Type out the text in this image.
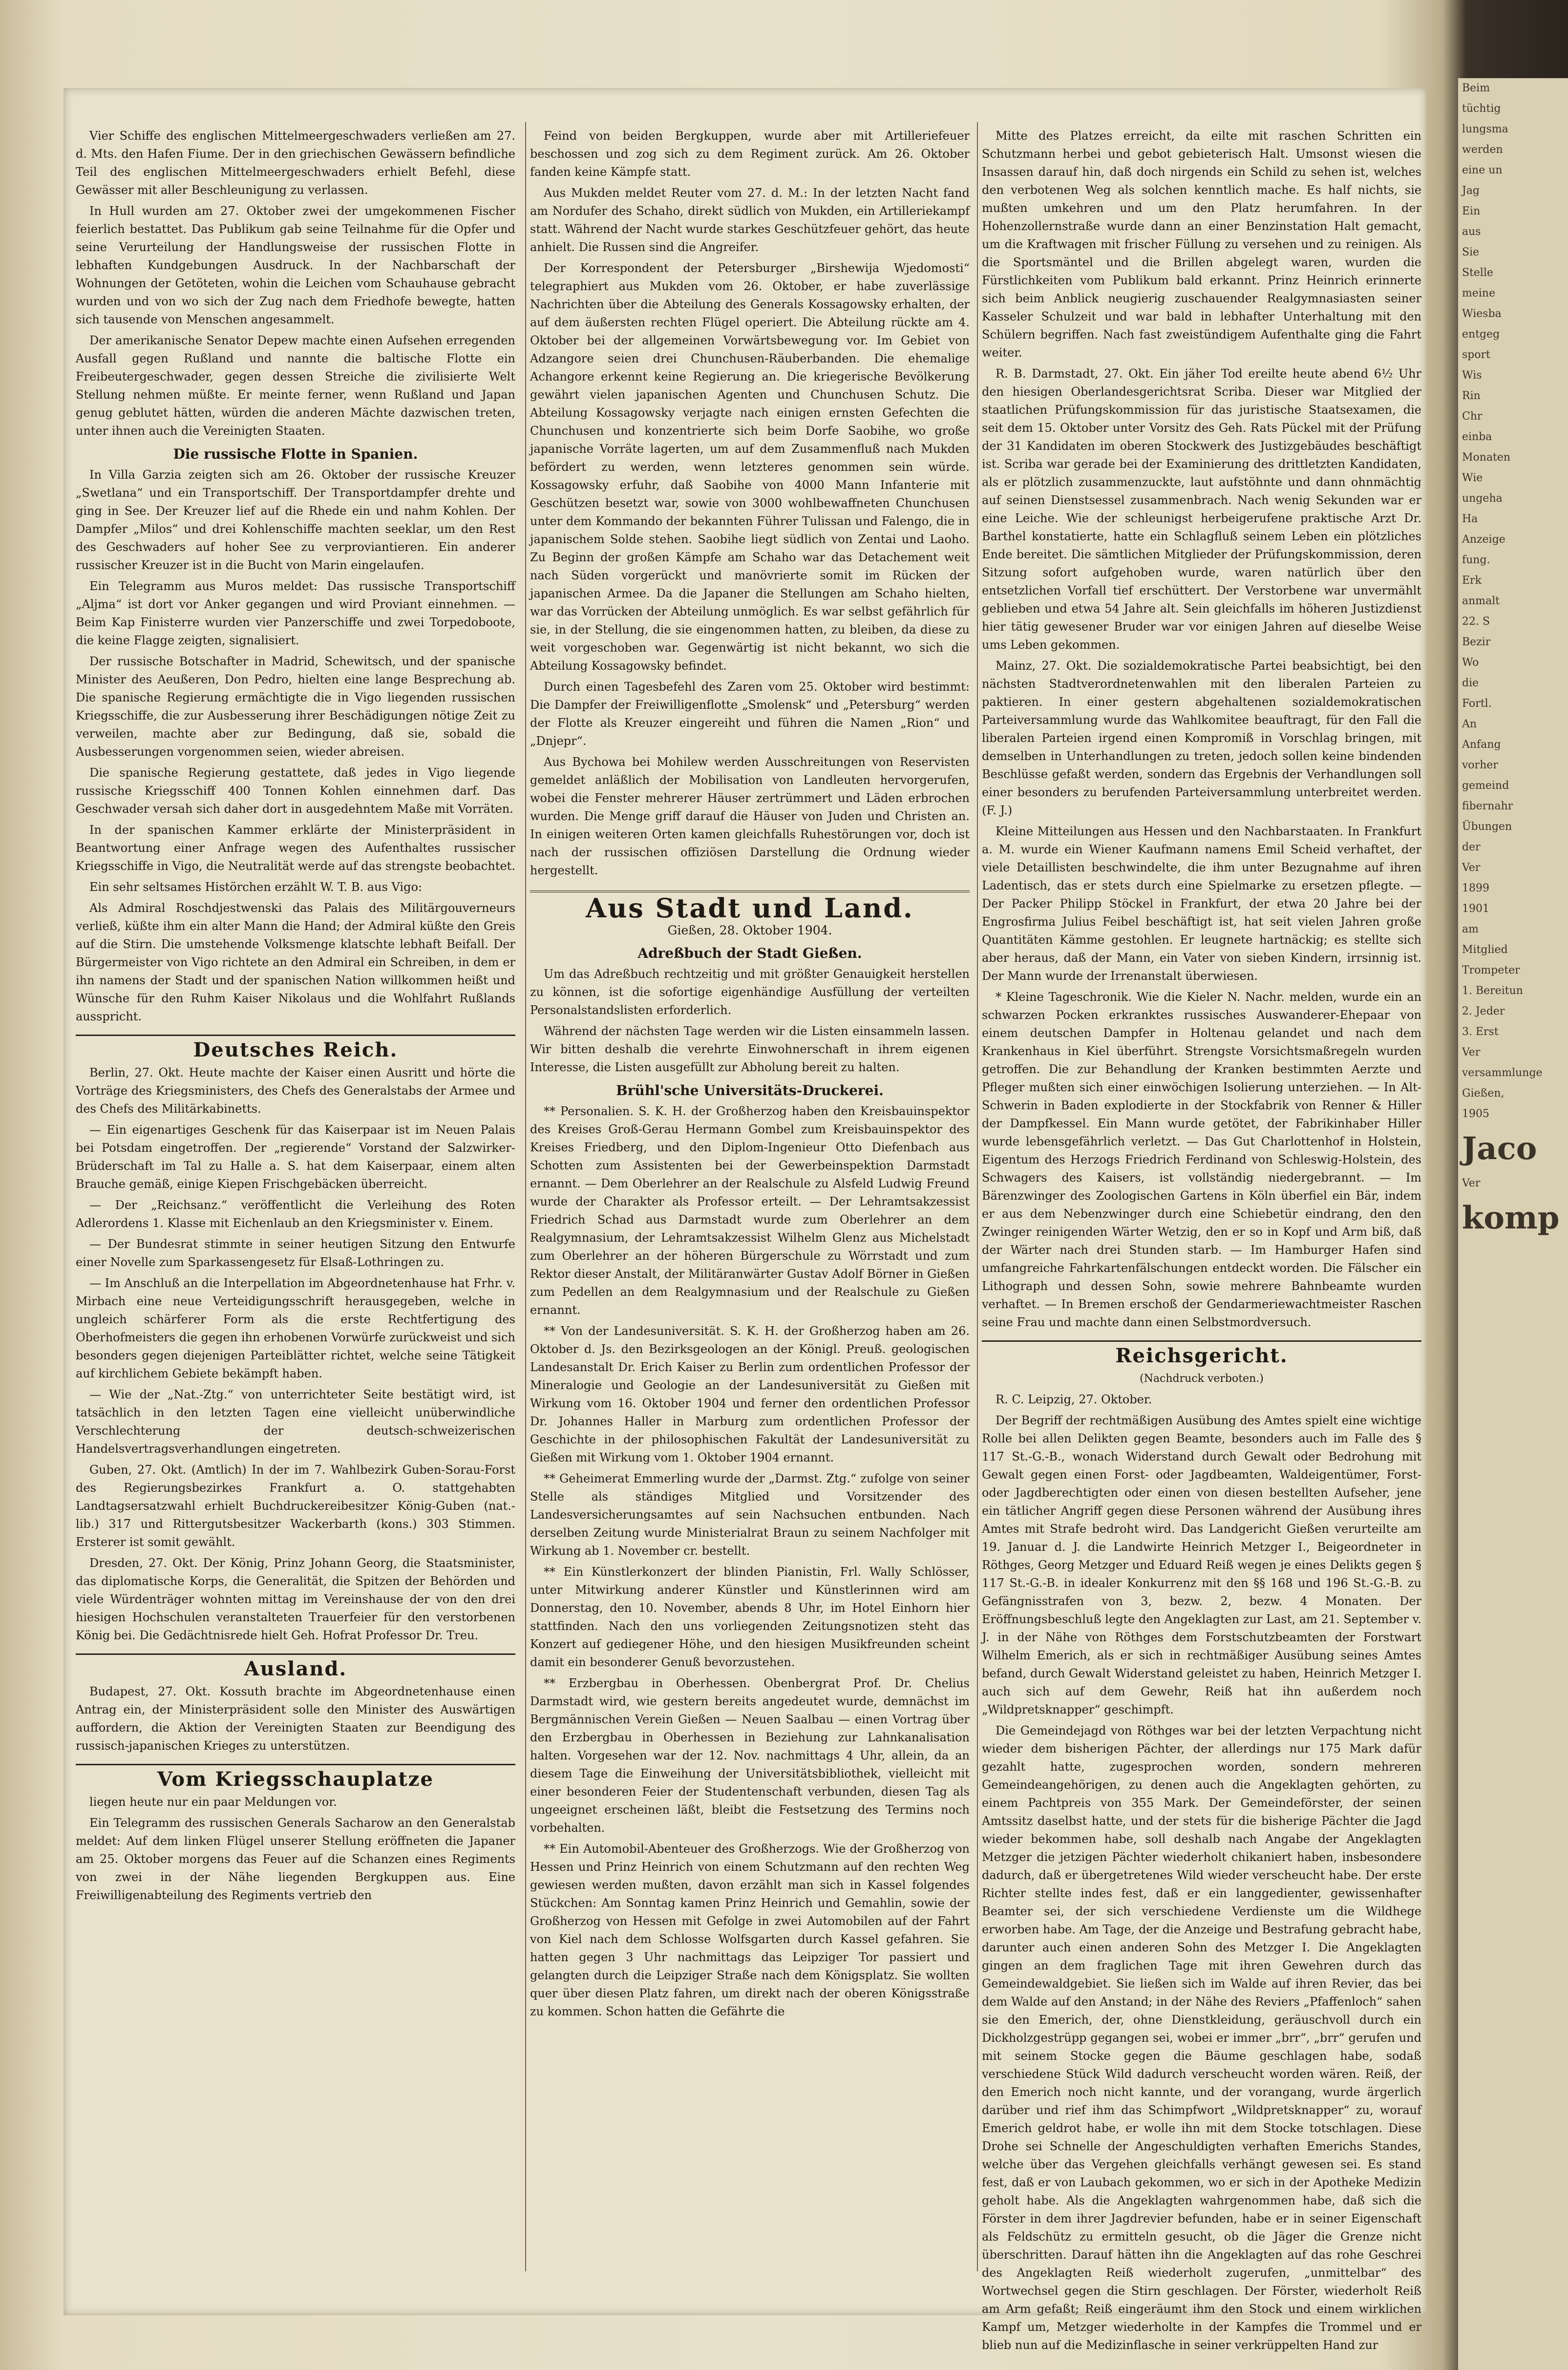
Vier Schiffe des englischen Mittelmeergeschwaders verließen am 27. d. Mts. den Hafen Fiume. Der in den griechischen Gewässern befindliche Teil des englischen Mittelmeergeschwaders erhielt Befehl, diese Gewässer mit aller Beschleunigung zu verlassen.

In Hull wurden am 27. Oktober zwei der umgekommenen Fischer feierlich bestattet. Das Publikum gab seine Teilnahme für die Opfer und seine Verurteilung der Handlungsweise der russischen Flotte in lebhaften Kundgebungen Ausdruck. In der Nachbarschaft der Wohnungen der Getöteten, wohin die Leichen vom Schauhause gebracht wurden und von wo sich der Zug nach dem Friedhofe bewegte, hatten sich tausende von Menschen angesammelt.

Der amerikanische Senator Depew machte einen Aufsehen erregenden Ausfall gegen Rußland und nannte die baltische Flotte ein Freibeutergeschwader, gegen dessen Streiche die zivilisierte Welt Stellung nehmen müßte. Er meinte ferner, wenn Rußland und Japan genug geblutet hätten, würden die anderen Mächte dazwischen treten, unter ihnen auch die Vereinigten Staaten.

Die russische Flotte in Spanien.

In Villa Garzia zeigten sich am 26. Oktober der russische Kreuzer „Swetlana“ und ein Transportschiff. Der Transportdampfer drehte und ging in See. Der Kreuzer lief auf die Rhede ein und nahm Kohlen. Der Dampfer „Milos“ und drei Kohlenschiffe machten seeklar, um den Rest des Geschwaders auf hoher See zu verproviantieren. Ein anderer russischer Kreuzer ist in die Bucht von Marin eingelaufen.

Ein Telegramm aus Muros meldet: Das russische Transportschiff „Aljma“ ist dort vor Anker gegangen und wird Proviant einnehmen. — Beim Kap Finisterre wurden vier Panzerschiffe und zwei Torpedoboote, die keine Flagge zeigten, signalisiert.

Der russische Botschafter in Madrid, Schewitsch, und der spanische Minister des Aeußeren, Don Pedro, hielten eine lange Besprechung ab. Die spanische Regierung ermächtigte die in Vigo liegenden russischen Kriegsschiffe, die zur Ausbesserung ihrer Beschädigungen nötige Zeit zu verweilen, machte aber zur Bedingung, daß sie, sobald die Ausbesserungen vorgenommen seien, wieder abreisen.

Die spanische Regierung gestattete, daß jedes in Vigo liegende russische Kriegsschiff 400 Tonnen Kohlen einnehmen darf. Das Geschwader versah sich daher dort in ausgedehntem Maße mit Vorräten.

In der spanischen Kammer erklärte der Ministerpräsident in Beantwortung einer Anfrage wegen des Aufenthaltes russischer Kriegsschiffe in Vigo, die Neutralität werde auf das strengste beobachtet.

Ein sehr seltsames Histörchen erzählt W. T. B. aus Vigo:

Als Admiral Roschdjestwenski das Palais des Militärgouverneurs verließ, küßte ihm ein alter Mann die Hand; der Admiral küßte den Greis auf die Stirn. Die umstehende Volksmenge klatschte lebhaft Beifall. Der Bürgermeister von Vigo richtete an den Admiral ein Schreiben, in dem er ihn namens der Stadt und der spanischen Nation willkommen heißt und Wünsche für den Ruhm Kaiser Nikolaus und die Wohlfahrt Rußlands ausspricht.

Deutsches Reich.

Berlin, 27. Okt. Heute machte der Kaiser einen Ausritt und hörte die Vorträge des Kriegsministers, des Chefs des Generalstabs der Armee und des Chefs des Militärkabinetts.

— Ein eigenartiges Geschenk für das Kaiserpaar ist im Neuen Palais bei Potsdam eingetroffen. Der „regierende“ Vorstand der Salzwirker-Brüderschaft im Tal zu Halle a. S. hat dem Kaiserpaar, einem alten Brauche gemäß, einige Kiepen Frischgebäcken überreicht.

— Der „Reichsanz.“ veröffentlicht die Verleihung des Roten Adlerordens 1. Klasse mit Eichenlaub an den Kriegsminister v. Einem.

— Der Bundesrat stimmte in seiner heutigen Sitzung den Entwurfe einer Novelle zum Sparkassengesetz für Elsaß-Lothringen zu.

— Im Anschluß an die Interpellation im Abgeordnetenhause hat Frhr. v. Mirbach eine neue Verteidigungsschrift herausgegeben, welche in ungleich schärferer Form als die erste Rechtfertigung des Oberhofmeisters die gegen ihn erhobenen Vorwürfe zurückweist und sich besonders gegen diejenigen Parteiblätter richtet, welche seine Tätigkeit auf kirchlichem Gebiete bekämpft haben.

— Wie der „Nat.-Ztg.“ von unterrichteter Seite bestätigt wird, ist tatsächlich in den letzten Tagen eine vielleicht unüberwindliche Verschlechterung der deutsch-schweizerischen Handelsvertragsverhandlungen eingetreten.

Guben, 27. Okt. (Amtlich) In der im 7. Wahlbezirk Guben-Sorau-Forst des Regierungsbezirkes Frankfurt a. O. stattgehabten Landtagsersatzwahl erhielt Buchdruckereibesitzer König-Guben (nat.-lib.) 317 und Rittergutsbesitzer Wackerbarth (kons.) 303 Stimmen. Ersterer ist somit gewählt.

Dresden, 27. Okt. Der König, Prinz Johann Georg, die Staatsminister, das diplomatische Korps, die Generalität, die Spitzen der Behörden und viele Würdenträger wohnten mittag im Vereinshause der von den drei hiesigen Hochschulen veranstalteten Trauerfeier für den verstorbenen König bei. Die Gedächtnisrede hielt Geh. Hofrat Professor Dr. Treu.

Ausland.

Budapest, 27. Okt. Kossuth brachte im Abgeordnetenhause einen Antrag ein, der Ministerpräsident solle den Minister des Auswärtigen auffordern, die Aktion der Vereinigten Staaten zur Beendigung des russisch-japanischen Krieges zu unterstützen.

Vom Kriegsschauplatze

liegen heute nur ein paar Meldungen vor.

Ein Telegramm des russischen Generals Sacharow an den Generalstab meldet: Auf dem linken Flügel unserer Stellung eröffneten die Japaner am 25. Oktober morgens das Feuer auf die Schanzen eines Regiments von zwei in der Nähe liegenden Bergkuppen aus. Eine Freiwilligenabteilung des Regiments vertrieb den

Feind von beiden Bergkuppen, wurde aber mit Artilleriefeuer beschossen und zog sich zu dem Regiment zurück. Am 26. Oktober fanden keine Kämpfe statt.

Aus Mukden meldet Reuter vom 27. d. M.: In der letzten Nacht fand am Nordufer des Schaho, direkt südlich von Mukden, ein Artilleriekampf statt. Während der Nacht wurde starkes Geschützfeuer gehört, das heute anhielt. Die Russen sind die Angreifer.

Der Korrespondent der Petersburger „Birshewija Wjedomosti“ telegraphiert aus Mukden vom 26. Oktober, er habe zuverlässige Nachrichten über die Abteilung des Generals Kossagowsky erhalten, der auf dem äußersten rechten Flügel operiert. Die Abteilung rückte am 4. Oktober bei der allgemeinen Vorwärtsbewegung vor. Im Gebiet von Adzangore seien drei Chunchusen-Räuberbanden. Die ehemalige Achangore erkennt keine Regierung an. Die kriegerische Bevölkerung gewährt vielen japanischen Agenten und Chunchusen Schutz. Die Abteilung Kossagowsky verjagte nach einigen ernsten Gefechten die Chunchusen und konzentrierte sich beim Dorfe Saobihe, wo große japanische Vorräte lagerten, um auf dem Zusammenfluß nach Mukden befördert zu werden, wenn letzteres genommen sein würde. Kossagowsky erfuhr, daß Saobihe von 4000 Mann Infanterie mit Geschützen besetzt war, sowie von 3000 wohlbewaffneten Chunchusen unter dem Kommando der bekannten Führer Tulissan und Falengo, die in japanischem Solde stehen. Saobihe liegt südlich von Zentai und Laoho. Zu Beginn der großen Kämpfe am Schaho war das Detachement weit nach Süden vorgerückt und manövrierte somit im Rücken der japanischen Armee. Da die Japaner die Stellungen am Schaho hielten, war das Vorrücken der Abteilung unmöglich. Es war selbst gefährlich für sie, in der Stellung, die sie eingenommen hatten, zu bleiben, da diese zu weit vorgeschoben war. Gegenwärtig ist nicht bekannt, wo sich die Abteilung Kossagowsky befindet.

Durch einen Tagesbefehl des Zaren vom 25. Oktober wird bestimmt: Die Dampfer der Freiwilligenflotte „Smolensk“ und „Petersburg“ werden der Flotte als Kreuzer eingereiht und führen die Namen „Rion“ und „Dnjepr“.

Aus Bychowa bei Mohilew werden Ausschreitungen von Reservisten gemeldet anläßlich der Mobilisation von Landleuten hervorgerufen, wobei die Fenster mehrerer Häuser zertrümmert und Läden erbrochen wurden. Die Menge griff darauf die Häuser von Juden und Christen an. In einigen weiteren Orten kamen gleichfalls Ruhestörungen vor, doch ist nach der russischen offiziösen Darstellung die Ordnung wieder hergestellt.

Aus Stadt und Land.
Gießen, 28. Oktober 1904.
Adreßbuch der Stadt Gießen.

Um das Adreßbuch rechtzeitig und mit größter Genauigkeit herstellen zu können, ist die sofortige eigenhändige Ausfüllung der verteilten Personalstandslisten erforderlich.

Während der nächsten Tage werden wir die Listen einsammeln lassen. Wir bitten deshalb die verehrte Einwohnerschaft in ihrem eigenen Interesse, die Listen ausgefüllt zur Abholung bereit zu halten.

Brühl'sche Universitäts-Druckerei.

** Personalien. S. K. H. der Großherzog haben den Kreisbauinspektor des Kreises Groß-Gerau Hermann Gombel zum Kreisbauinspektor des Kreises Friedberg, und den Diplom-Ingenieur Otto Diefenbach aus Schotten zum Assistenten bei der Gewerbeinspektion Darmstadt ernannt. — Dem Oberlehrer an der Realschule zu Alsfeld Ludwig Freund wurde der Charakter als Professor erteilt. — Der Lehramtsakzessist Friedrich Schad aus Darmstadt wurde zum Oberlehrer an dem Realgymnasium, der Lehramtsakzessist Wilhelm Glenz aus Michelstadt zum Oberlehrer an der höheren Bürgerschule zu Wörrstadt und zum Rektor dieser Anstalt, der Militäranwärter Gustav Adolf Börner in Gießen zum Pedellen an dem Realgymnasium und der Realschule zu Gießen ernannt.

** Von der Landesuniversität. S. K. H. der Großherzog haben am 26. Oktober d. Js. den Bezirksgeologen an der Königl. Preuß. geologischen Landesanstalt Dr. Erich Kaiser zu Berlin zum ordentlichen Professor der Mineralogie und Geologie an der Landesuniversität zu Gießen mit Wirkung vom 16. Oktober 1904 und ferner den ordentlichen Professor Dr. Johannes Haller in Marburg zum ordentlichen Professor der Geschichte in der philosophischen Fakultät der Landesuniversität zu Gießen mit Wirkung vom 1. Oktober 1904 ernannt.

** Geheimerat Emmerling wurde der „Darmst. Ztg.“ zufolge von seiner Stelle als ständiges Mitglied und Vorsitzender des Landesversicherungsamtes auf sein Nachsuchen entbunden. Nach derselben Zeitung wurde Ministerialrat Braun zu seinem Nachfolger mit Wirkung ab 1. November cr. bestellt.

** Ein Künstlerkonzert der blinden Pianistin, Frl. Wally Schlösser, unter Mitwirkung anderer Künstler und Künstlerinnen wird am Donnerstag, den 10. November, abends 8 Uhr, im Hotel Einhorn hier stattfinden. Nach den uns vorliegenden Zeitungsnotizen steht das Konzert auf gediegener Höhe, und den hiesigen Musikfreunden scheint damit ein besonderer Genuß bevorzustehen.

** Erzbergbau in Oberhessen. Obenbergrat Prof. Dr. Chelius Darmstadt wird, wie gestern bereits angedeutet wurde, demnächst im Bergmännischen Verein Gießen — Neuen Saalbau — einen Vortrag über den Erzbergbau in Oberhessen in Beziehung zur Lahnkanalisation halten. Vorgesehen war der 12. Nov. nachmittags 4 Uhr, allein, da an diesem Tage die Einweihung der Universitätsbibliothek, vielleicht mit einer besonderen Feier der Studentenschaft verbunden, diesen Tag als ungeeignet erscheinen läßt, bleibt die Festsetzung des Termins noch vorbehalten.

** Ein Automobil-Abenteuer des Großherzogs. Wie der Großherzog von Hessen und Prinz Heinrich von einem Schutzmann auf den rechten Weg gewiesen werden mußten, davon erzählt man sich in Kassel folgendes Stückchen: Am Sonntag kamen Prinz Heinrich und Gemahlin, sowie der Großherzog von Hessen mit Gefolge in zwei Automobilen auf der Fahrt von Kiel nach dem Schlosse Wolfsgarten durch Kassel gefahren. Sie hatten gegen 3 Uhr nachmittags das Leipziger Tor passiert und gelangten durch die Leipziger Straße nach dem Königsplatz. Sie wollten quer über diesen Platz fahren, um direkt nach der oberen Königsstraße zu kommen. Schon hatten die Gefährte die

Mitte des Platzes erreicht, da eilte mit raschen Schritten ein Schutzmann herbei und gebot gebieterisch Halt. Umsonst wiesen die Insassen darauf hin, daß doch nirgends ein Schild zu sehen ist, welches den verbotenen Weg als solchen kenntlich mache. Es half nichts, sie mußten umkehren und um den Platz herumfahren. In der Hohenzollernstraße wurde dann an einer Benzinstation Halt gemacht, um die Kraftwagen mit frischer Füllung zu versehen und zu reinigen. Als die Sportsmäntel und die Brillen abgelegt waren, wurden die Fürstlichkeiten vom Publikum bald erkannt. Prinz Heinrich erinnerte sich beim Anblick neugierig zuschauender Realgymnasiasten seiner Kasseler Schulzeit und war bald in lebhafter Unterhaltung mit den Schülern begriffen. Nach fast zweistündigem Aufenthalte ging die Fahrt weiter.

R. B. Darmstadt, 27. Okt. Ein jäher Tod ereilte heute abend 6½ Uhr den hiesigen Oberlandesgerichtsrat Scriba. Dieser war Mitglied der staatlichen Prüfungskommission für das juristische Staatsexamen, die seit dem 15. Oktober unter Vorsitz des Geh. Rats Pückel mit der Prüfung der 31 Kandidaten im oberen Stockwerk des Justizgebäudes beschäftigt ist. Scriba war gerade bei der Examinierung des drittletzten Kandidaten, als er plötzlich zusammenzuckte, laut aufstöhnte und dann ohnmächtig auf seinen Dienstsessel zusammenbrach. Nach wenig Sekunden war er eine Leiche. Wie der schleunigst herbeigerufene praktische Arzt Dr. Barthel konstatierte, hatte ein Schlagfluß seinem Leben ein plötzliches Ende bereitet. Die sämtlichen Mitglieder der Prüfungskommission, deren Sitzung sofort aufgehoben wurde, waren natürlich über den entsetzlichen Vorfall tief erschüttert. Der Verstorbene war unvermählt geblieben und etwa 54 Jahre alt. Sein gleichfalls im höheren Justizdienst hier tätig gewesener Bruder war vor einigen Jahren auf dieselbe Weise ums Leben gekommen.

Mainz, 27. Okt. Die sozialdemokratische Partei beabsichtigt, bei den nächsten Stadtverordnetenwahlen mit den liberalen Parteien zu paktieren. In einer gestern abgehaltenen sozialdemokratischen Parteiversammlung wurde das Wahlkomitee beauftragt, für den Fall die liberalen Parteien irgend einen Kompromiß in Vorschlag bringen, mit demselben in Unterhandlungen zu treten, jedoch sollen keine bindenden Beschlüsse gefaßt werden, sondern das Ergebnis der Verhandlungen soll einer besonders zu berufenden Parteiversammlung unterbreitet werden. (F. J.)

Kleine Mitteilungen aus Hessen und den Nachbarstaaten. In Frankfurt a. M. wurde ein Wiener Kaufmann namens Emil Scheid verhaftet, der viele Detaillisten beschwindelte, die ihm unter Bezugnahme auf ihren Ladentisch, das er stets durch eine Spielmarke zu ersetzen pflegte. — Der Packer Philipp Stöckel in Frankfurt, der etwa 20 Jahre bei der Engrosfirma Julius Feibel beschäftigt ist, hat seit vielen Jahren große Quantitäten Kämme gestohlen. Er leugnete hartnäckig; es stellte sich aber heraus, daß der Mann, ein Vater von sieben Kindern, irrsinnig ist. Der Mann wurde der Irrenanstalt überwiesen.

* Kleine Tageschronik. Wie die Kieler N. Nachr. melden, wurde ein an schwarzen Pocken erkranktes russisches Auswanderer-Ehepaar von einem deutschen Dampfer in Holtenau gelandet und nach dem Krankenhaus in Kiel überführt. Strengste Vorsichtsmaßregeln wurden getroffen. Die zur Behandlung der Kranken bestimmten Aerzte und Pfleger mußten sich einer einwöchigen Isolierung unterziehen. — In Alt-Schwerin in Baden explodierte in der Stockfabrik von Renner & Hiller der Dampfkessel. Ein Mann wurde getötet, der Fabrikinhaber Hiller wurde lebensgefährlich verletzt. — Das Gut Charlottenhof in Holstein, Eigentum des Herzogs Friedrich Ferdinand von Schleswig-Holstein, des Schwagers des Kaisers, ist vollständig niedergebrannt. — Im Bärenzwinger des Zoologischen Gartens in Köln überfiel ein Bär, indem er aus dem Nebenzwinger durch eine Schiebetür eindrang, den den Zwinger reinigenden Wärter Wetzig, den er so in Kopf und Arm biß, daß der Wärter nach drei Stunden starb. — Im Hamburger Hafen sind umfangreiche Fahrkartenfälschungen entdeckt worden. Die Fälscher ein Lithograph und dessen Sohn, sowie mehrere Bahnbeamte wurden verhaftet. — In Bremen erschoß der Gendarmeriewachtmeister Raschen seine Frau und machte dann einen Selbstmordversuch.

Reichsgericht.
(Nachdruck verboten.)

R. C. Leipzig, 27. Oktober.

Der Begriff der rechtmäßigen Ausübung des Amtes spielt eine wichtige Rolle bei allen Delikten gegen Beamte, besonders auch im Falle des § 117 St.-G.-B., wonach Widerstand durch Gewalt oder Bedrohung mit Gewalt gegen einen Forst- oder Jagdbeamten, Waldeigentümer, Forst- oder Jagdberechtigten oder einen von diesen bestellten Aufseher, jene ein tätlicher Angriff gegen diese Personen während der Ausübung ihres Amtes mit Strafe bedroht wird. Das Landgericht Gießen verurteilte am 19. Januar d. J. die Landwirte Heinrich Metzger I., Beigeordneter in Röthges, Georg Metzger und Eduard Reiß wegen je eines Delikts gegen § 117 St.-G.-B. in idealer Konkurrenz mit den §§ 168 und 196 St.-G.-B. zu Gefängnisstrafen von 3, bezw. 2, bezw. 4 Monaten. Der Eröffnungsbeschluß legte den Angeklagten zur Last, am 21. September v. J. in der Nähe von Röthges dem Forstschutzbeamten der Forstwart Wilhelm Emerich, als er sich in rechtmäßiger Ausübung seines Amtes befand, durch Gewalt Widerstand geleistet zu haben, Heinrich Metzger I. auch sich auf dem Gewehr, Reiß hat ihn außerdem noch „Wildpretsknapper“ geschimpft.

Die Gemeindejagd von Röthges war bei der letzten Verpachtung nicht wieder dem bisherigen Pächter, der allerdings nur 175 Mark dafür gezahlt hatte, zugesprochen worden, sondern mehreren Gemeindeangehörigen, zu denen auch die Angeklagten gehörten, zu einem Pachtpreis von 355 Mark. Der Gemeindeförster, der seinen Amtssitz daselbst hatte, und der stets für die bisherige Pächter die Jagd wieder bekommen habe, soll deshalb nach Angabe der Angeklagten Metzger die jetzigen Pächter wiederholt chikaniert haben, insbesondere dadurch, daß er übergetretenes Wild wieder verscheucht habe. Der erste Richter stellte indes fest, daß er ein langgedienter, gewissenhafter Beamter sei, der sich verschiedene Verdienste um die Wildhege erworben habe. Am Tage, der die Anzeige und Bestrafung gebracht habe, darunter auch einen anderen Sohn des Metzger I. Die Angeklagten gingen an dem fraglichen Tage mit ihren Gewehren durch das Gemeindewaldgebiet. Sie ließen sich im Walde auf ihren Revier, das bei dem Walde auf den Anstand; in der Nähe des Reviers „Pfaffenloch“ sahen sie den Emerich, der, ohne Dienstkleidung, geräuschvoll durch ein Dickholzgestrüpp gegangen sei, wobei er immer „brr“, „brr“ gerufen und mit seinem Stocke gegen die Bäume geschlagen habe, sodaß verschiedene Stück Wild dadurch verscheucht worden wären. Reiß, der den Emerich noch nicht kannte, und der vorangang, wurde ärgerlich darüber und rief ihm das Schimpfwort „Wildpretsknapper“ zu, worauf Emerich geldrot habe, er wolle ihn mit dem Stocke totschlagen. Diese Drohe sei Schnelle der Angeschuldigten verhaften Emerichs Standes, welche über das Vergehen gleichfalls verhängt gewesen sei. Es stand fest, daß er von Laubach gekommen, wo er sich in der Apotheke Medizin geholt habe. Als die Angeklagten wahrgenommen habe, daß sich die Förster in dem ihrer Jagdrevier befunden, habe er in seiner Eigenschaft als Feldschütz zu ermitteln gesucht, ob die Jäger die Grenze nicht überschritten. Darauf hätten ihn die Angeklagten auf das rohe Geschrei des Angeklagten Reiß wiederholt zugerufen, „unmittelbar“ des Wortwechsel gegen die Stirn geschlagen. Der Förster, wiederholt Reiß am Arm gefaßt; Reiß eingeräumt ihm den Stock und einem wirklichen Kampf um, Metzger wiederholte in der Kampfes die Trommel und er blieb nun auf die Medizinflasche in seiner verkrüppelten Hand zur

Beim
tüchtig
lungsma
werden
eine un
Jag
Ein
aus
Sie
Stelle
meine
Wiesba
entgeg
sport
Wis
Rin
Chr
einba
Monaten
Wie
ungeha
Ha
Anzeige
fung.
Erk
anmalt
22. S
Bezir
Wo
die
Fortl.
An
Anfang
vorher
gemeind
fibernahr
Übungen
der
Ver
1899
1901
am
Mitglied
Trompeter
1. Bereitun
2. Jeder
3. Erst
Ver
versammlunge
Gießen,
1905
Jaco
Ver
komp
